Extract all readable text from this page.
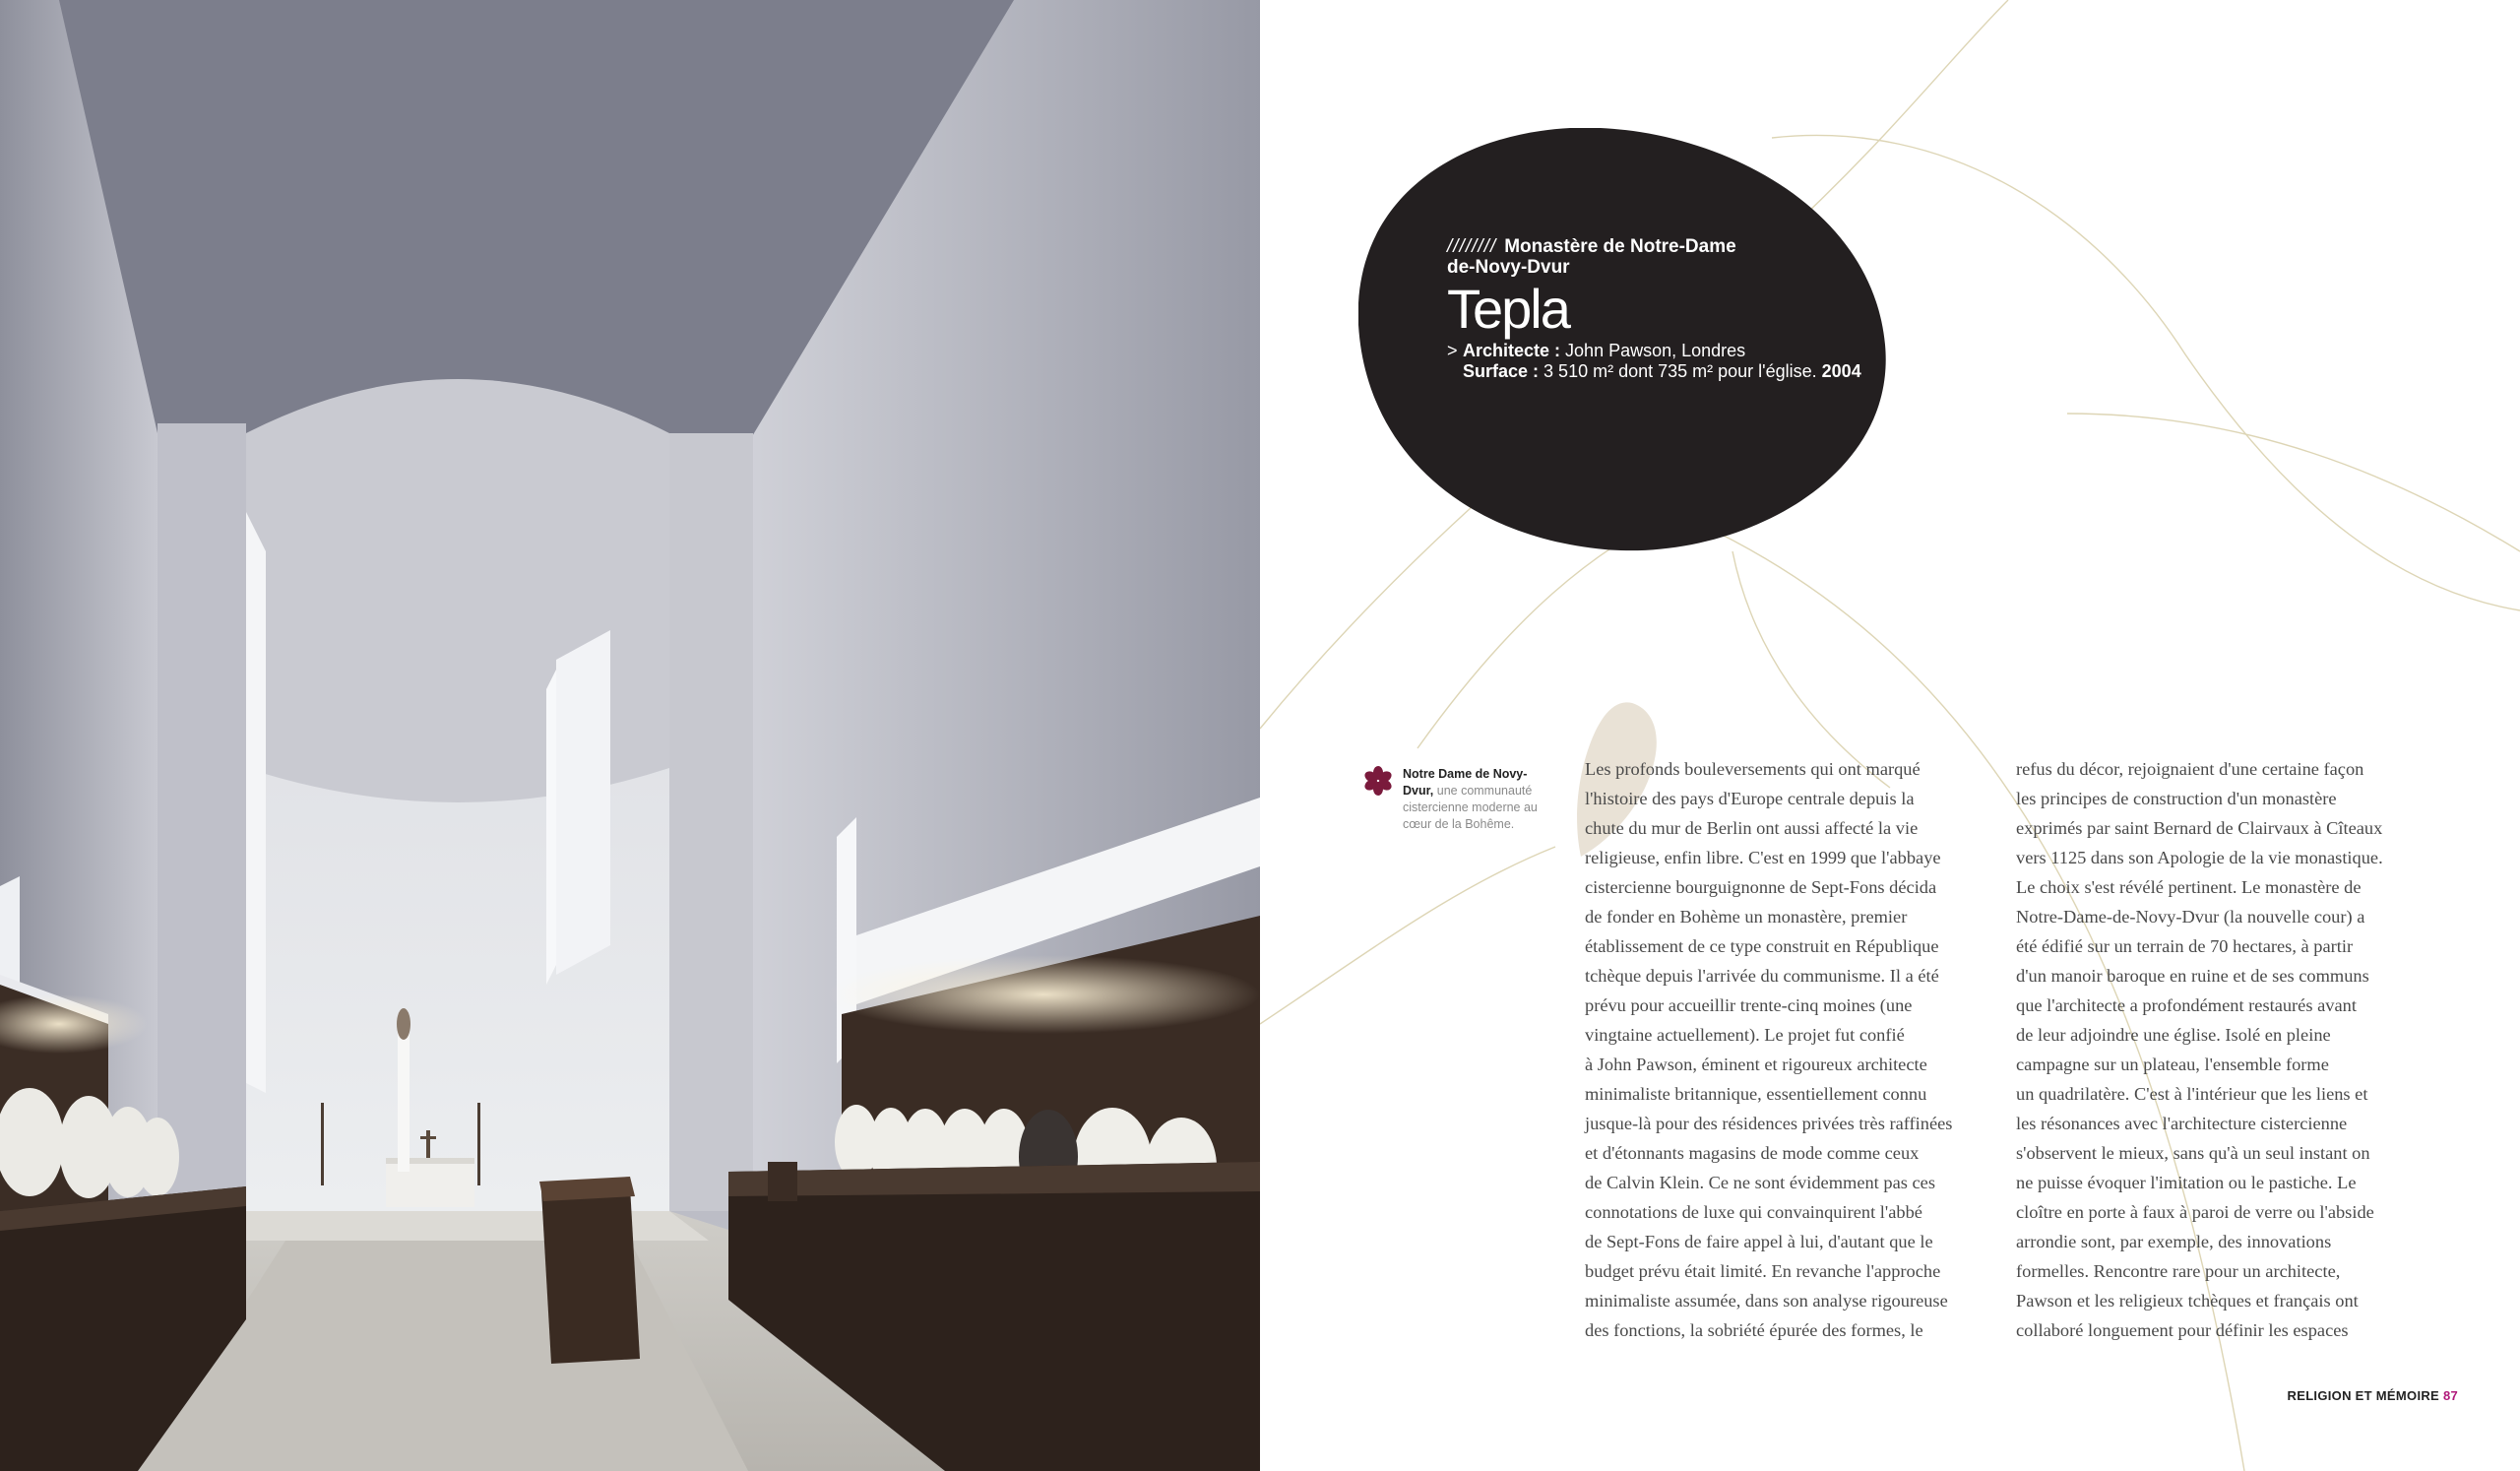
//////// Monastère de Notre-Dame
de-Novy-Dvur
Tepla
> Architecte : John Pawson, Londres
Surface : 3 510 m² dont 735 m² pour l'église. 2004
Notre Dame de Novy-Dvur, une communauté cistercienne moderne au cœur de la Bohême.

Les profonds bouleversements qui ont marqué

l'histoire des pays d'Europe centrale depuis la

chute du mur de Berlin ont aussi affecté la vie

religieuse, enfin libre. C'est en 1999 que l'abbaye

cistercienne bourguignonne de Sept-Fons décida

de fonder en Bohème un monastère, premier

établissement de ce type construit en République

tchèque depuis l'arrivée du communisme. Il a été

prévu pour accueillir trente-cinq moines (une

vingtaine actuellement). Le projet fut confié

à John Pawson, éminent et rigoureux architecte

minimaliste britannique, essentiellement connu

jusque-là pour des résidences privées très raffinées

et d'étonnants magasins de mode comme ceux

de Calvin Klein. Ce ne sont évidemment pas ces

connotations de luxe qui convainquirent l'abbé

de Sept-Fons de faire appel à lui, d'autant que le

budget prévu était limité. En revanche l'approche

minimaliste assumée, dans son analyse rigoureuse

des fonctions, la sobriété épurée des formes, le

refus du décor, rejoignaient d'une certaine façon

les principes de construction d'un monastère

exprimés par saint Bernard de Clairvaux à Cîteaux

vers 1125 dans son Apologie de la vie monastique.

Le choix s'est révélé pertinent. Le monastère de

Notre-Dame-de-Novy-Dvur (la nouvelle cour) a

été édifié sur un terrain de 70 hectares, à partir

d'un manoir baroque en ruine et de ses communs

que l'architecte a profondément restaurés avant

de leur adjoindre une église. Isolé en pleine

campagne sur un plateau, l'ensemble forme

un quadrilatère. C'est à l'intérieur que les liens et

les résonances avec l'architecture cistercienne

s'observent le mieux, sans qu'à un seul instant on

ne puisse évoquer l'imitation ou le pastiche. Le

cloître en porte à faux à paroi de verre ou l'abside

arrondie sont, par exemple, des innovations

formelles. Rencontre rare pour un architecte,

Pawson et les religieux tchèques et français ont

collaboré longuement pour définir les espaces

RELIGION ET MÉMOIRE 87
